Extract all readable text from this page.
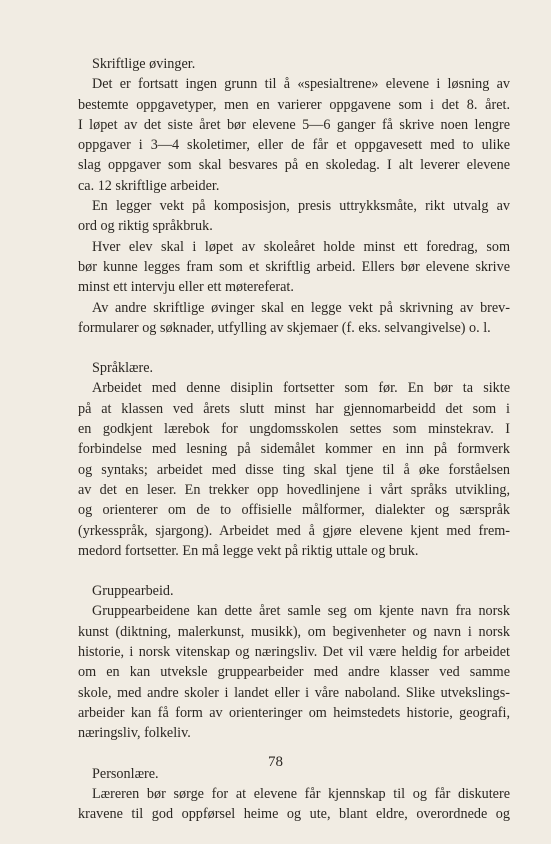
Skriftlige øvinger.
Det er fortsatt ingen grunn til å «spesialtrene» elevene i løsning av
bestemte oppgavetyper, men en varierer oppgavene som i det 8. året.
I løpet av det siste året bør elevene 5—6 ganger få skrive noen lengre
oppgaver i 3—4 skoletimer, eller de får et oppgavesett med to ulike
slag oppgaver som skal besvares på en skoledag. I alt leverer elevene
ca. 12 skriftlige arbeider.
En legger vekt på komposisjon, presis uttrykksmåte, rikt utvalg av
ord og riktig språkbruk.
Hver elev skal i løpet av skoleåret holde minst ett foredrag, som
bør kunne legges fram som et skriftlig arbeid. Ellers bør elevene skrive
minst ett intervju eller ett møtereferat.
Av andre skriftlige øvinger skal en legge vekt på skrivning av brev-
formularer og søknader, utfylling av skjemaer (f. eks. selvangivelse) o. l.
Språklære.
Arbeidet med denne disiplin fortsetter som før. En bør ta sikte
på at klassen ved årets slutt minst har gjennomarbeidd det som i
en godkjent lærebok for ungdomsskolen settes som minstekrav. I
forbindelse med lesning på sidemålet kommer en inn på formverk
og syntaks; arbeidet med disse ting skal tjene til å øke forståelsen
av det en leser. En trekker opp hovedlinjene i vårt språks utvikling,
og orienterer om de to offisielle målformer, dialekter og særspråk
(yrkesspråk, sjargong). Arbeidet med å gjøre elevene kjent med frem-
medord fortsetter. En må legge vekt på riktig uttale og bruk.
Gruppearbeid.
Gruppearbeidene kan dette året samle seg om kjente navn fra norsk
kunst (diktning, malerkunst, musikk), om begivenheter og navn i norsk
historie, i norsk vitenskap og næringsliv. Det vil være heldig for arbeidet
om en kan utveksle gruppearbeider med andre klasser ved samme
skole, med andre skoler i landet eller i våre naboland. Slike utvekslings-
arbeider kan få form av orienteringer om heimstedets historie, geografi,
næringsliv, folkeliv.
Personlære.
Læreren bør sørge for at elevene får kjennskap til og får diskutere
kravene til god oppførsel heime og ute, blant eldre, overordnede og
78
